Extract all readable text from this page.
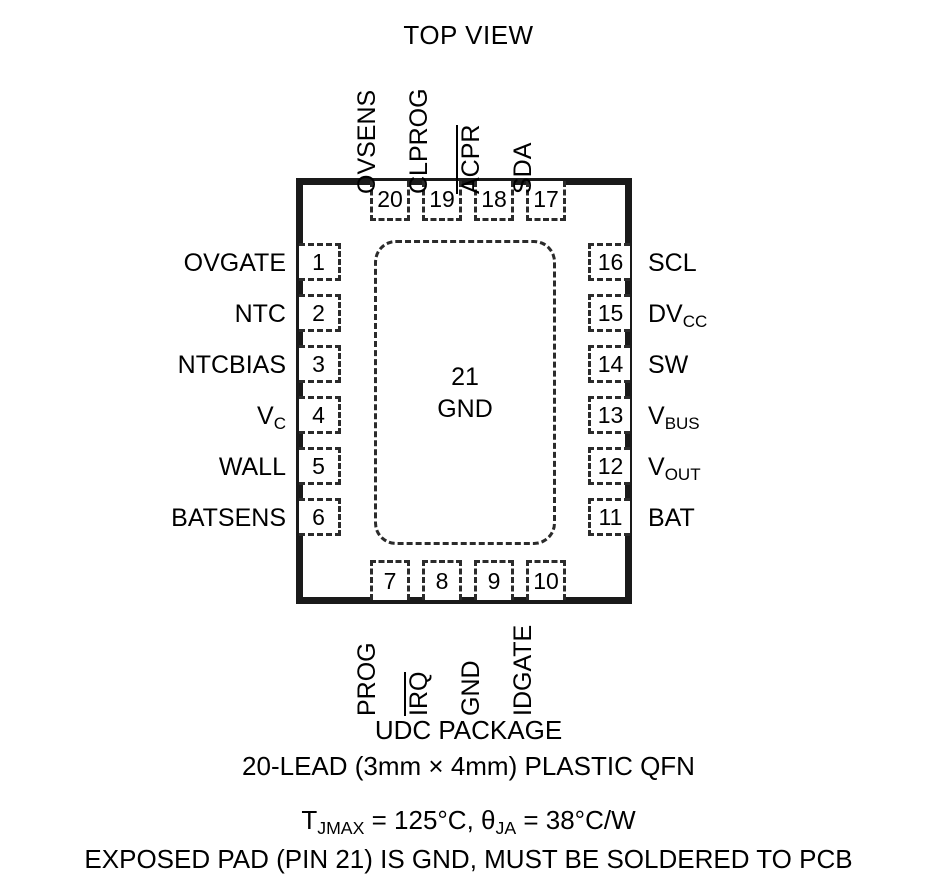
TOP VIEW
21
GND
1
2
3
4
5
6
OVGATE
NTC
NTCBIAS
$V_C$
WALL
BATSENS
16
15
14
13
12
11
SCL
$DV_{CC}$
SW
$V_{BUS}$
$V_{OUT}$
BAT
20 19 18 17
OVSENS CLPROG ACPR SDA
7 8 9 10
PROG IRQ GND IDGATE
UDC PACKAGE
20-LEAD (3mm × 4mm) PLASTIC QFN
$T_{JMAX} = 125^\circ C$, $\theta_{JA} = 38^\circ C/W$
EXPOSED PAD (PIN 21) IS GND, MUST BE SOLDERED TO PCB
